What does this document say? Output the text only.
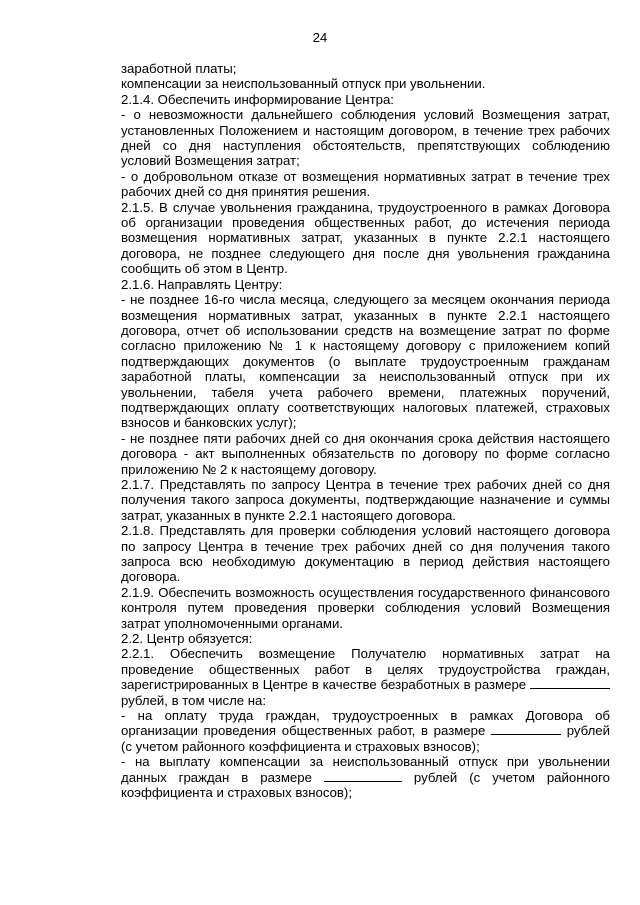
24

заработной платы;

компенсации за неиспользованный отпуск при увольнении.

2.1.4. Обеспечить информирование Центра:

- о невозможности дальнейшего соблюдения условий Возмещения затрат, установленных Положением и настоящим договором, в течение трех рабочих дней со дня наступления обстоятельств, препятствующих соблюдению условий Возмещения затрат;

- о добровольном отказе от возмещения нормативных затрат в течение трех рабочих дней со дня принятия решения.

2.1.5. В случае увольнения гражданина, трудоустроенного в рамках Договора об организации проведения общественных работ, до истечения периода возмещения нормативных затрат, указанных в пункте 2.2.1 настоящего договора, не позднее следующего дня после дня увольнения гражданина сообщить об этом в Центр.

2.1.6. Направлять Центру:

- не позднее 16-го числа месяца, следующего за месяцем окончания периода возмещения нормативных затрат, указанных в пункте 2.2.1 настоящего договора, отчет об использовании средств на возмещение затрат по форме согласно приложению № 1 к настоящему договору с приложением копий подтверждающих документов (о выплате трудоустроенным гражданам заработной платы, компенсации за неиспользованный отпуск при их увольнении, табеля учета рабочего времени, платежных поручений, подтверждающих оплату соответствующих налоговых платежей, страховых взносов и банковских услуг);

- не позднее пяти рабочих дней со дня окончания срока действия настоящего договора - акт выполненных обязательств по договору по форме согласно приложению № 2 к настоящему договору.

2.1.7. Представлять по запросу Центра в течение трех рабочих дней со дня получения такого запроса документы, подтверждающие назначение и суммы затрат, указанных в пункте 2.2.1 настоящего договора.

2.1.8. Представлять для проверки соблюдения условий настоящего договора по запросу Центра в течение трех рабочих дней со дня получения такого запроса всю необходимую документацию в период действия настоящего договора.

2.1.9. Обеспечить возможность осуществления государственного финансового контроля путем проведения проверки соблюдения условий Возмещения затрат уполномоченными органами.

2.2. Центр обязуется:

2.2.1. Обеспечить возмещение Получателю нормативных затрат на проведение общественных работ в целях трудоустройства граждан, зарегистрированных в Центре в качестве безработных в размере  рублей, в том числе на:

- на оплату труда граждан, трудоустроенных в рамках Договора об организации проведения общественных работ, в размере	рублей (с учетом районного коэффициента и страховых взносов);

- на выплату компенсации за неиспользованный отпуск при увольнении данных граждан в размере	рублей (с учетом районного коэффициента и страховых взносов);
